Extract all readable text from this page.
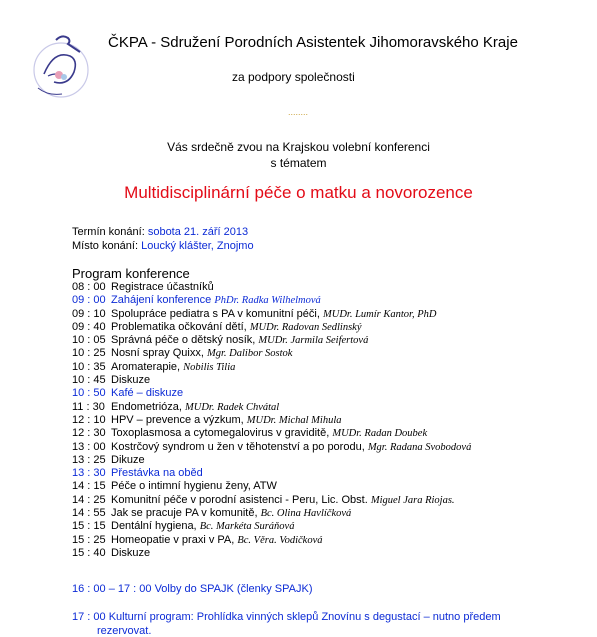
ČKPA - Sdružení Porodních Asistentek Jihomoravského Kraje
za podpory společnosti
........
Vás srdečně zvou na Krajskou volební konferenci
s tématem
Multidisciplinární péče o matku a novorozence
Termín konání: sobota 21. září 2013
Místo konání: Loucký klášter, Znojmo
Program konference
08 : 00 Registrace účastníků
09 : 00 Zahájení konference PhDr. Radka Wilhelmová
09 : 10 Spolupráce pediatra s PA v komunitní péči, MUDr. Lumír Kantor, PhD
09 : 40 Problematika očkování dětí, MUDr. Radovan Sedlinský
10 : 05 Správná péče o dětský nosík, MUDr. Jarmila Seifertová
10 : 25 Nosní spray Quixx, Mgr. Dalibor Sostok
10 : 35 Aromaterapie, Nobilis Tilia
10 : 45 Diskuze
10 : 50 Kafé – diskuze
11 : 30 Endometrióza, MUDr. Radek Chvátal
12 : 10 HPV – prevence a výzkum, MUDr. Michal Mihula
12 : 30 Toxoplasmosa a cytomegalovirus v graviditě, MUDr. Radan Doubek
13 : 00 Kostrčový syndrom u žen v těhotenství a po porodu, Mgr. Radana Svobodová
13 : 25 Dikuze
13 : 30 Přestávka na oběd
14 : 15 Péče o intimní hygienu ženy, ATW
14 : 25 Komunitní péče v porodní asistenci - Peru, Lic. Obst. Miguel Jara Riojas.
14 : 55 Jak se pracuje PA v komunitě, Bc. Olina Havlíčková
15 : 15 Dentální hygiena, Bc. Markéta Suráňová
15 : 25 Homeopatie v praxi v PA, Bc. Věra. Vodičková
15 : 40 Diskuze
16 : 00 – 17 : 00 Volby do SPAJK (členky SPAJK)
17 : 00 Kulturní program: Prohlídka vinných sklepů Znovínu s degustací – nutno předem
rezervovat.
